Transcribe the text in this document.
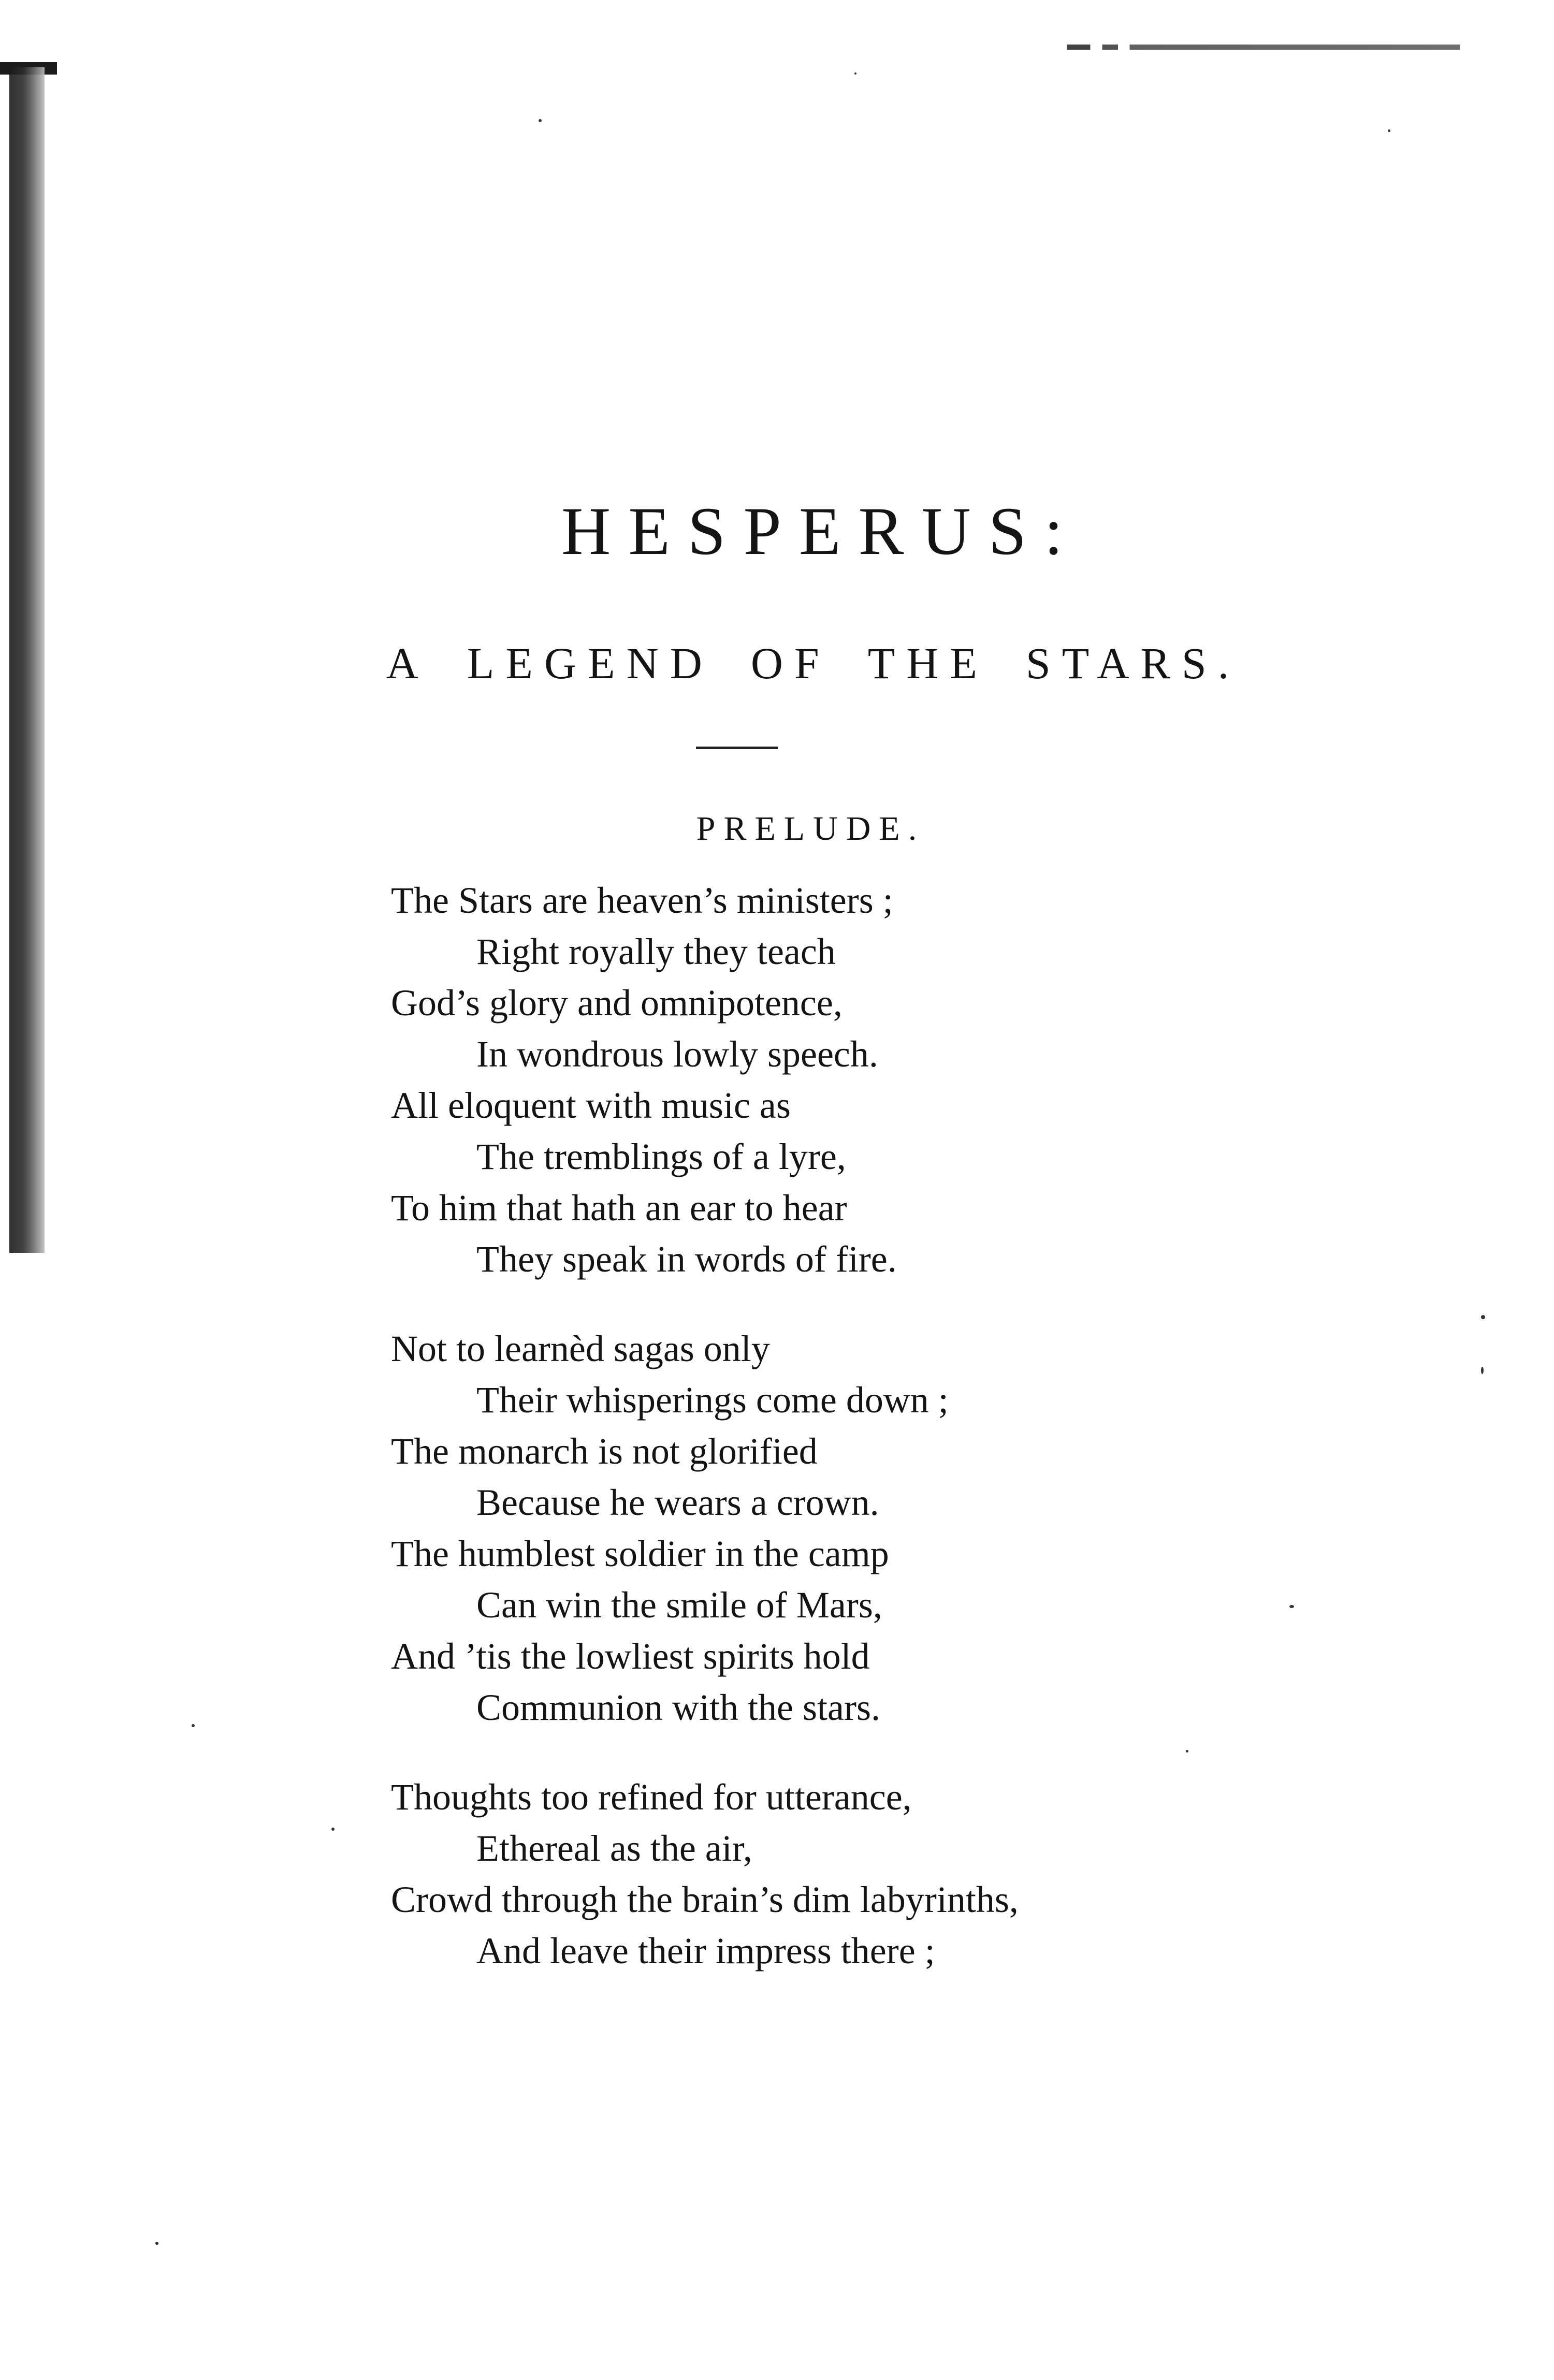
HESPERUS:
A LEGEND OF THE STARS.
PRELUDE.
The Stars are heaven’s ministers ;
Right royally they teach
God’s glory and omnipotence,
In wondrous lowly speech.
All eloquent with music as
The tremblings of a lyre,
To him that hath an ear to hear
They speak in words of fire.
Not to learnèd sagas only
Their whisperings come down ;
The monarch is not glorified
Because he wears a crown.
The humblest soldier in the camp
Can win the smile of Mars,
And ’tis the lowliest spirits hold
Communion with the stars.
Thoughts too refined for utterance,
Ethereal as the air,
Crowd through the brain’s dim labyrinths,
And leave their impress there ;
